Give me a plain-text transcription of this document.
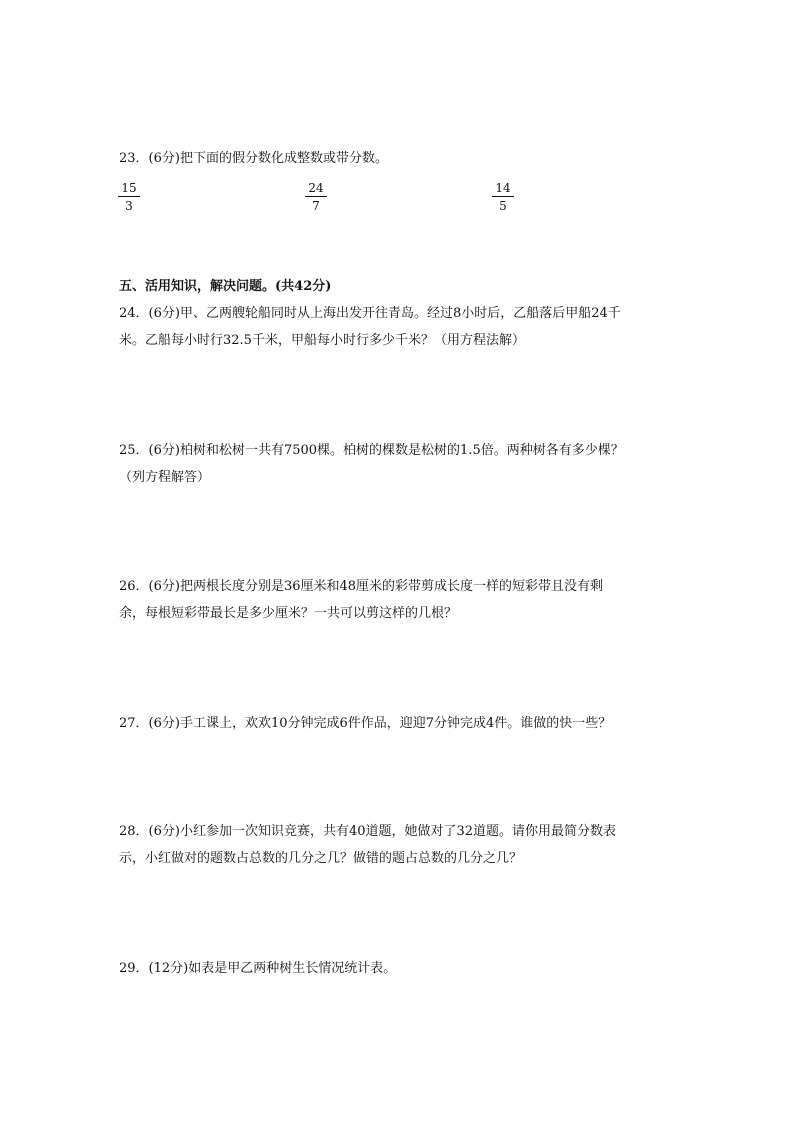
23．(6分)把下面的假分数化成整数或带分数。
$\frac{15}{3}$	$\frac{24}{7}$	$\frac{14}{5}$
五、活用知识，解决问题。(共42分)
24．(6分)甲、乙两艘轮船同时从上海出发开往青岛。经过8小时后，乙船落后甲船24千
米。乙船每小时行32.5千米，甲船每小时行多少千米？（用方程法解）
25．(6分)柏树和松树一共有7500棵。柏树的棵数是松树的1.5倍。两种树各有多少棵？
（列方程解答）
26．(6分)把两根长度分别是36厘米和48厘米的彩带剪成长度一样的短彩带且没有剩
余，每根短彩带最长是多少厘米？一共可以剪这样的几根？
27．(6分)手工课上，欢欢10分钟完成6件作品，迎迎7分钟完成4件。谁做的快一些？
28．(6分)小红参加一次知识竞赛，共有40道题，她做对了32道题。请你用最简分数表
示，小红做对的题数占总数的几分之几？做错的题占总数的几分之几？
29．(12分)如表是甲乙两种树生长情况统计表。
